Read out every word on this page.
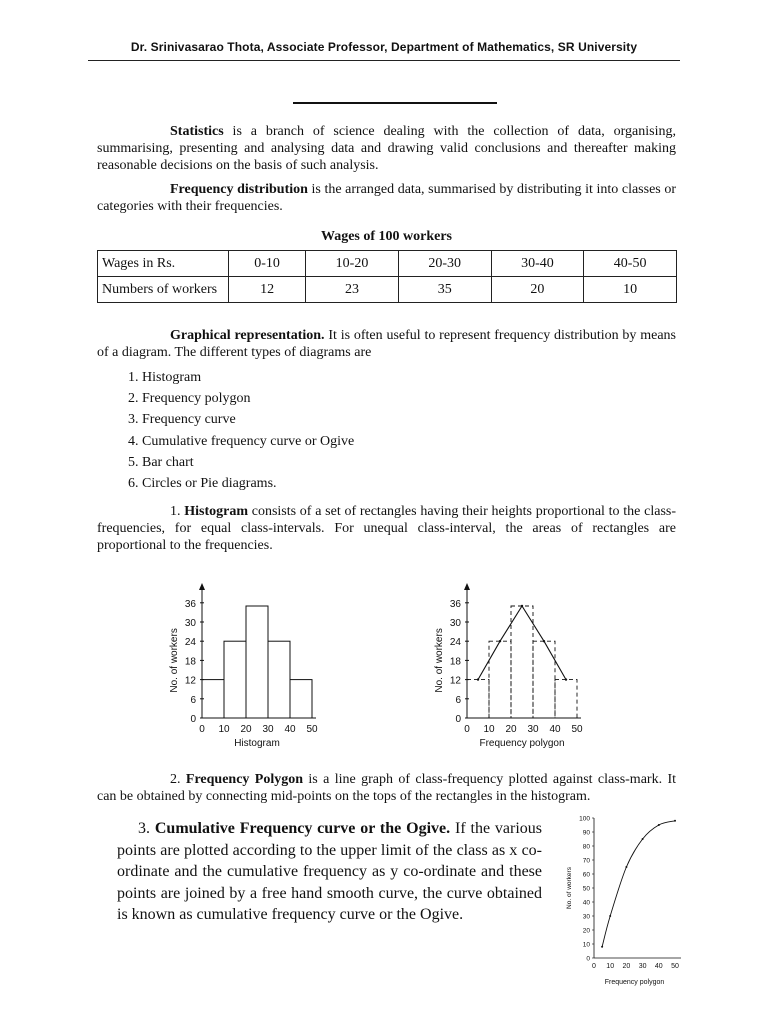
Dr. Srinivasarao Thota, Associate Professor, Department of Mathematics, SR University
Statistics is a branch of science dealing with the collection of data, organising, summarising, presenting and analysing data and drawing valid conclusions and thereafter making reasonable decisions on the basis of such analysis.
Frequency distribution is the arranged data, summarised by distributing it into classes or categories with their frequencies.
Wages of 100 workers
Wages in Rs.	0-10	10-20	20-30	30-40	40-50
Numbers of workers	12	23	35	20	10
Graphical representation. It is often useful to represent frequency distribution by means of a diagram. The different types of diagrams are
1. Histogram
2. Frequency polygon
3. Frequency curve
4. Cumulative frequency curve or Ogive
5. Bar chart
6. Circles or Pie diagrams.
1. Histogram consists of a set of rectangles having their heights proportional to the class-frequencies, for equal class-intervals. For unequal class-interval, the areas of rectangles are proportional to the frequencies.
0
6
12
18
24
30
36
0 10 20 30 40 50
Histogram
No. of workers
0
6
12
18
24
30
36
0 10 20 30 40 50
Frequency polygon
No. of workers
2. Frequency Polygon is a line graph of class-frequency plotted against class-mark. It can be obtained by connecting mid-points on the tops of the rectangles in the histogram.
3. Cumulative Frequency curve or the Ogive. If the various points are plotted according to the upper limit of the class as x co-ordinate and the cumulative frequency as y co-ordinate and these points are joined by a free hand smooth curve, the curve obtained is known as cumulative frequency curve or the Ogive.
0
10
20
30
40
50
60
70
80
90
100
0 10 20 30 40 50
Frequency polygon
No. of workers
